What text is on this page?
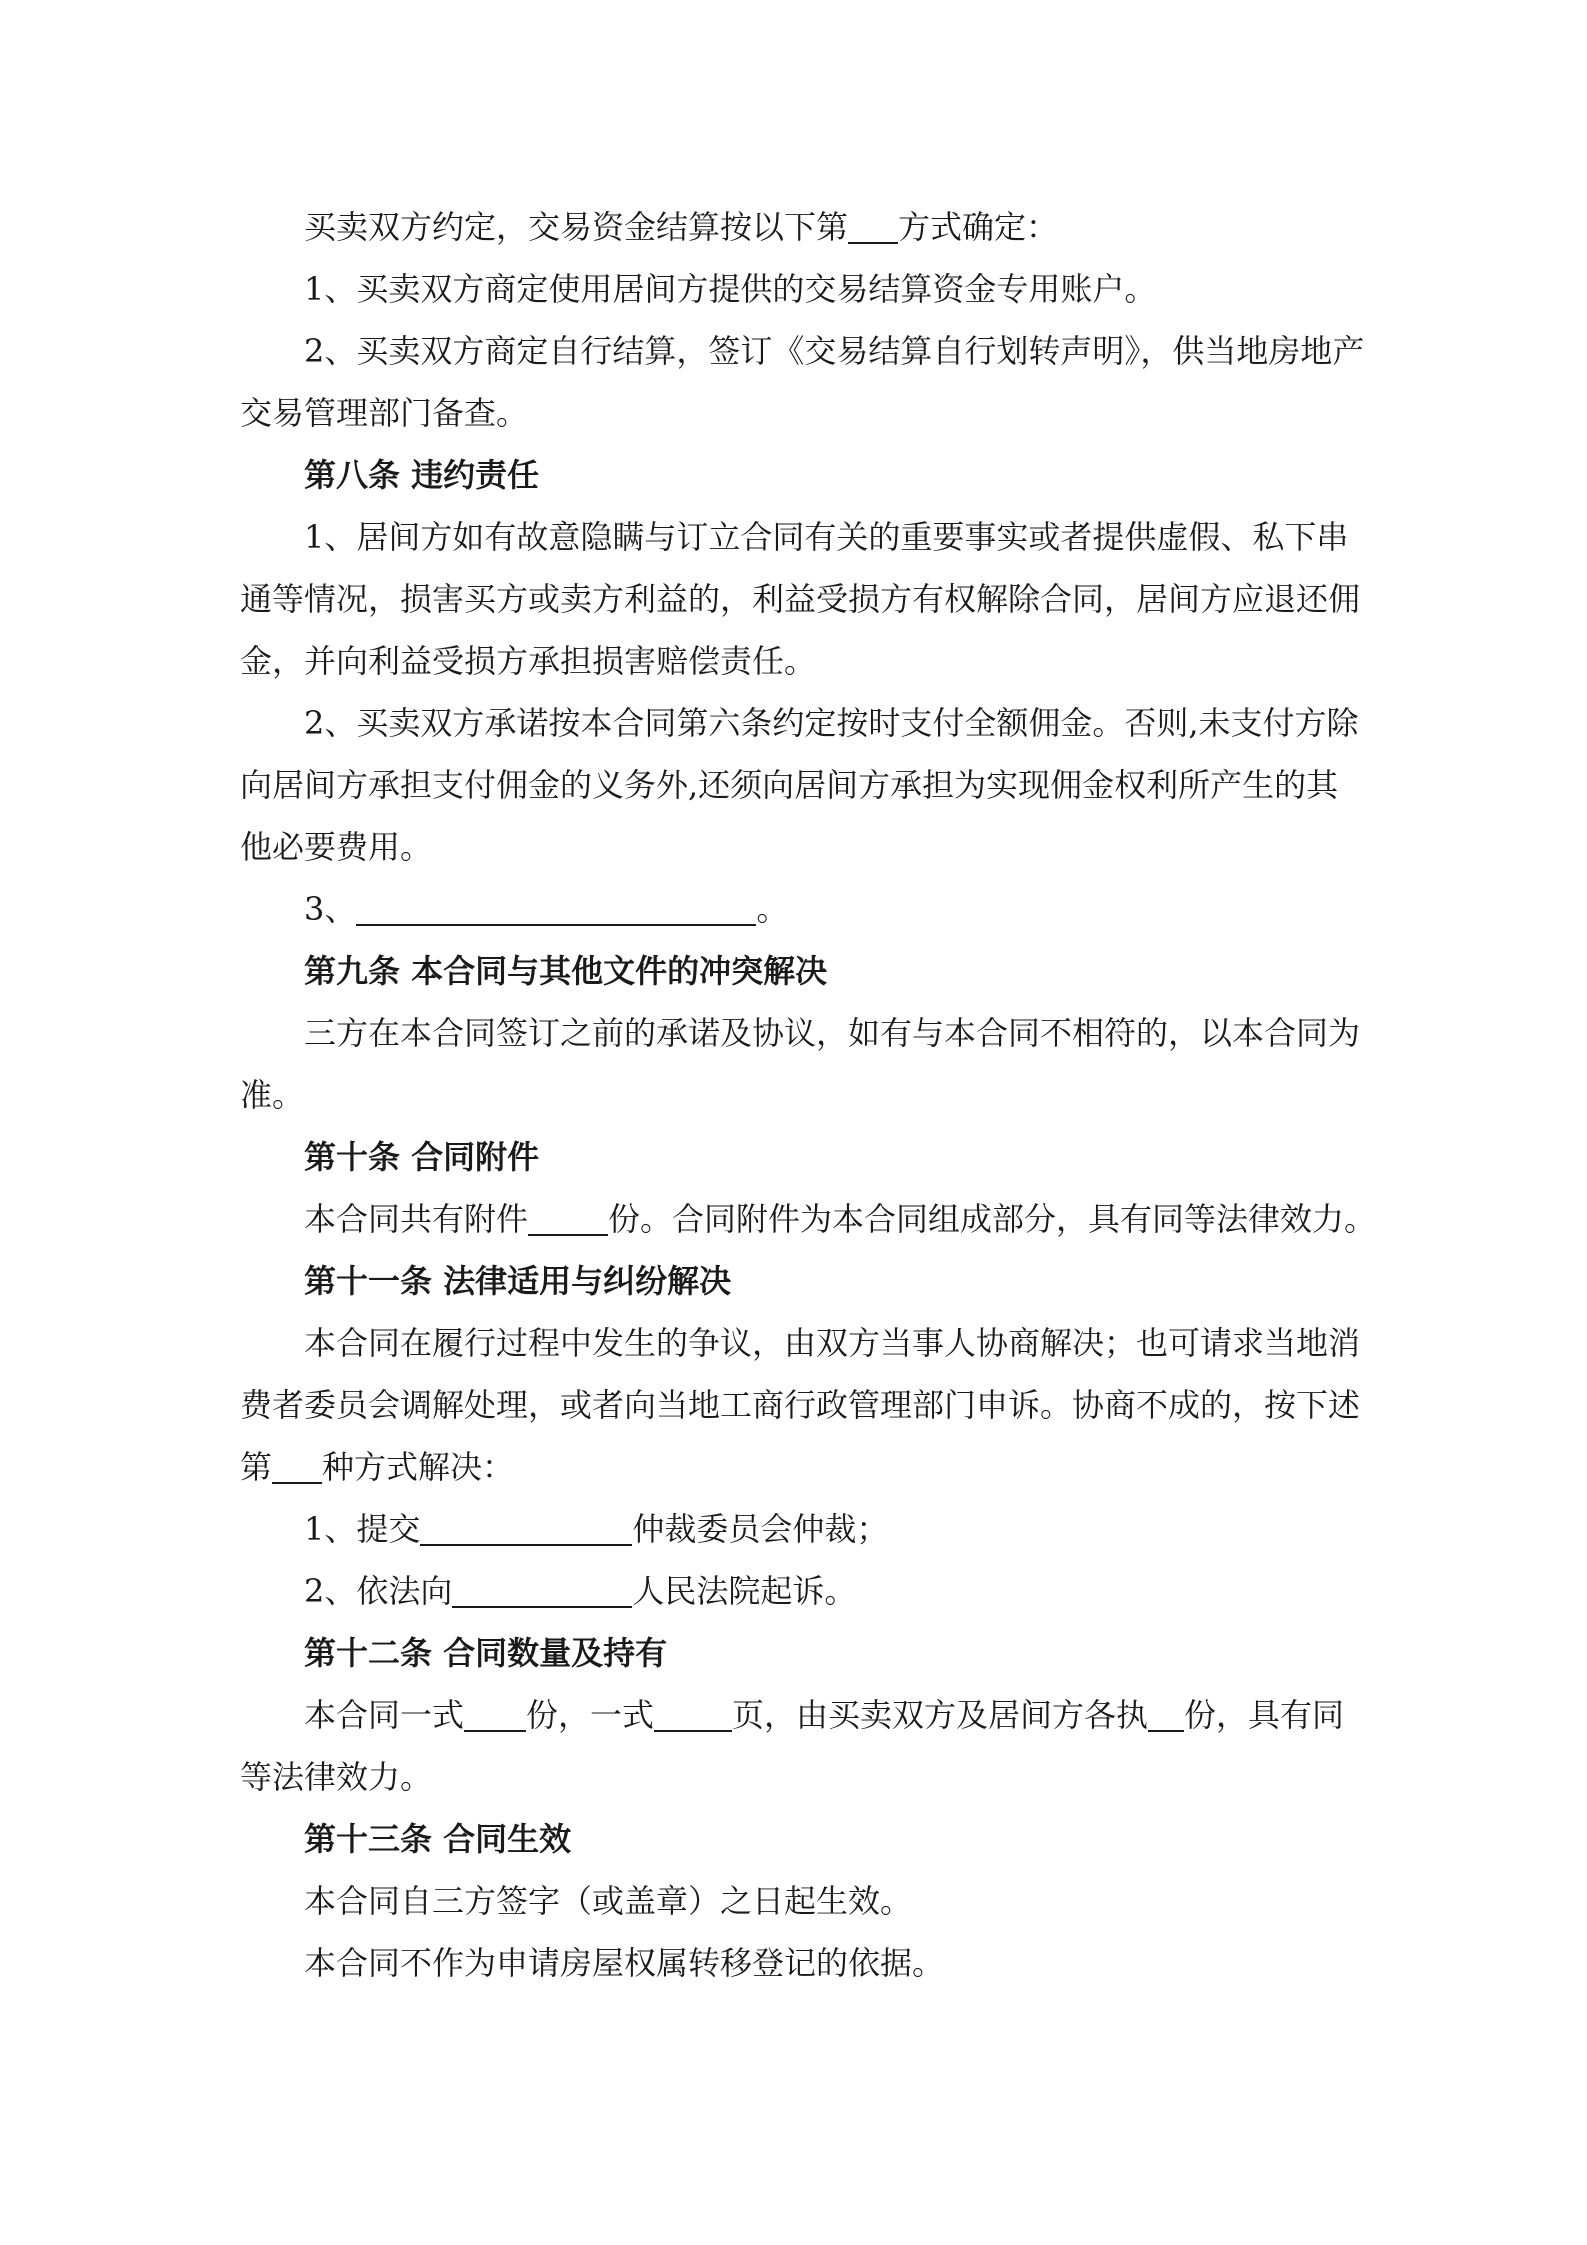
买卖双方约定，交易资金结算按以下第 方式确定：
1、买卖双方商定使用居间方提供的交易结算资金专用账户。
2、买卖双方商定自行结算，签订《交易结算自行划转声明》，供当地房地产
交易管理部门备查。
第八条 违约责任
1、居间方如有故意隐瞒与订立合同有关的重要事实或者提供虚假、私下串
通等情况，损害买方或卖方利益的，利益受损方有权解除合同，居间方应退还佣
金，并向利益受损方承担损害赔偿责任。
2、买卖双方承诺按本合同第六条约定按时支付全额佣金。否则,未支付方除
向居间方承担支付佣金的义务外,还须向居间方承担为实现佣金权利所产生的其
他必要费用。
3、	。
第九条 本合同与其他文件的冲突解决
三方在本合同签订之前的承诺及协议，如有与本合同不相符的，以本合同为
准。
第十条 合同附件
本合同共有附件	份。合同附件为本合同组成部分，具有同等法律效力。
第十一条 法律适用与纠纷解决
本合同在履行过程中发生的争议，由双方当事人协商解决；也可请求当地消
费者委员会调解处理，或者向当地工商行政管理部门申诉。协商不成的，按下述
第 种方式解决：
1、提交	仲裁委员会仲裁；
2、依法向	人民法院起诉。
第十二条 合同数量及持有
本合同一式 份，一式 页，由买卖双方及居间方各执 份，具有同
等法律效力。
第十三条 合同生效
本合同自三方签字（或盖章）之日起生效。
本合同不作为申请房屋权属转移登记的依据。
